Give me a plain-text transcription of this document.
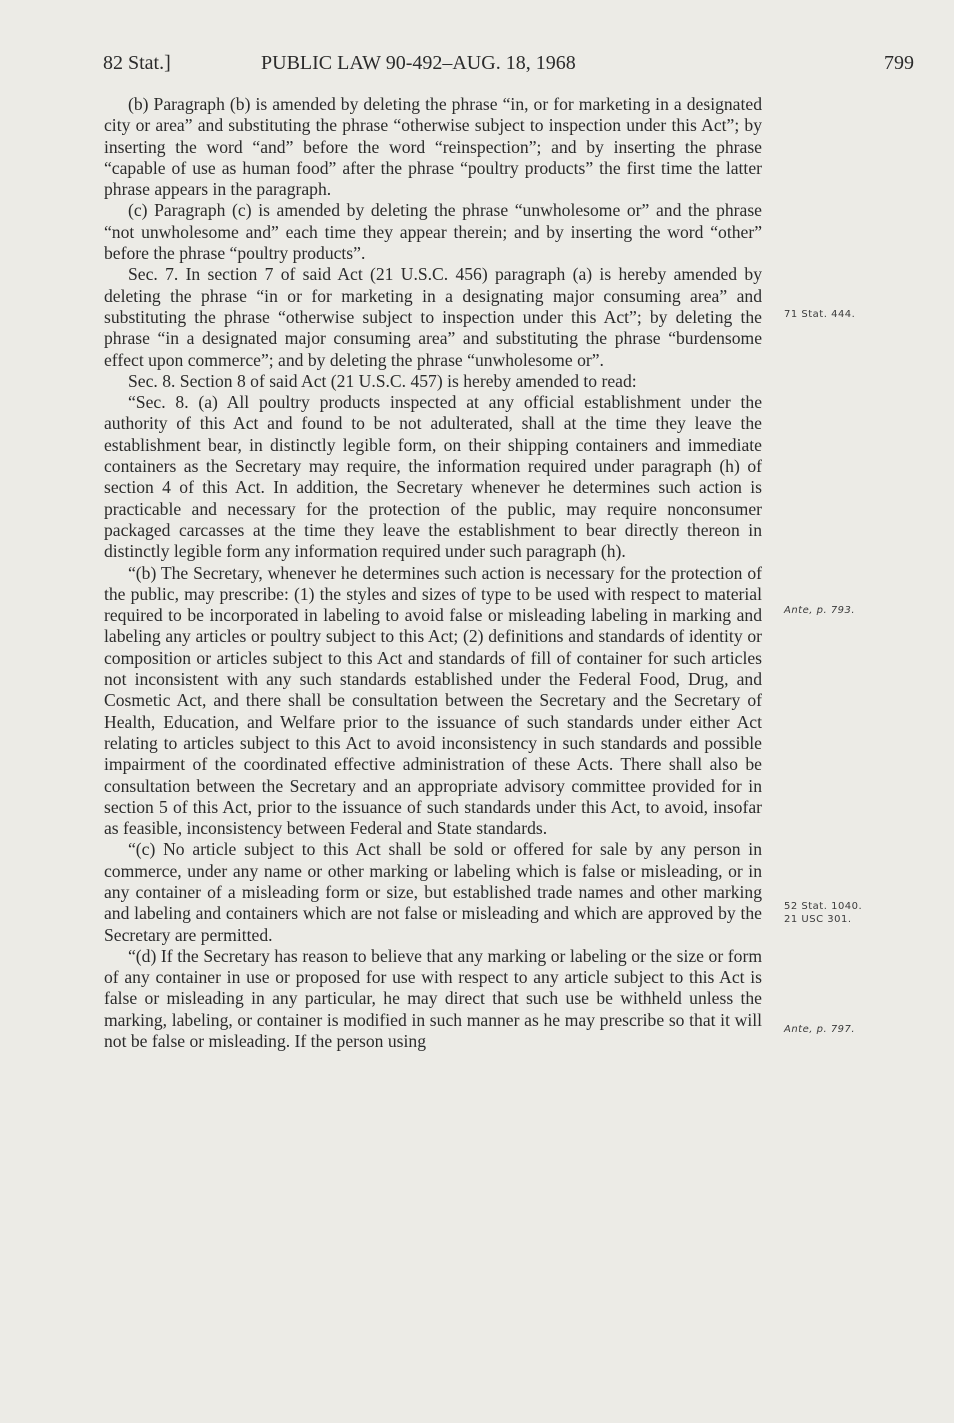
82 Stat.]	PUBLIC LAW 90-492–AUG. 18, 1968	799

(b) Paragraph (b) is amended by deleting the phrase “in, or for marketing in a designated city or area” and substituting the phrase “otherwise subject to inspection under this Act”; by inserting the word “and” before the word “reinspection”; and by inserting the phrase “capable of use as human food” after the phrase “poultry products” the first time the latter phrase appears in the paragraph.

(c) Paragraph (c) is amended by deleting the phrase “unwholesome or” and the phrase “not unwholesome and” each time they appear therein; and by inserting the word “other” before the phrase “poultry products”.

Sec. 7. In section 7 of said Act (21 U.S.C. 456) paragraph (a) is hereby amended by deleting the phrase “in or for marketing in a designating major consuming area” and substituting the phrase “otherwise subject to inspection under this Act”; by deleting the phrase “in a designated major consuming area” and substituting the phrase “burdensome effect upon commerce”; and by deleting the phrase “unwholesome or”.

Sec. 8. Section 8 of said Act (21 U.S.C. 457) is hereby amended to read:

“Sec. 8. (a) All poultry products inspected at any official establishment under the authority of this Act and found to be not adulterated, shall at the time they leave the establishment bear, in distinctly legible form, on their shipping containers and immediate containers as the Secretary may require, the information required under paragraph (h) of section 4 of this Act. In addition, the Secretary whenever he determines such action is practicable and necessary for the protection of the public, may require nonconsumer packaged carcasses at the time they leave the establishment to bear directly thereon in distinctly legible form any information required under such paragraph (h).

“(b) The Secretary, whenever he determines such action is necessary for the protection of the public, may prescribe: (1) the styles and sizes of type to be used with respect to material required to be incorporated in labeling to avoid false or misleading labeling in marking and labeling any articles or poultry subject to this Act; (2) definitions and standards of identity or composition or articles subject to this Act and standards of fill of container for such articles not inconsistent with any such standards established under the Federal Food, Drug, and Cosmetic Act, and there shall be consultation between the Secretary and the Secretary of Health, Education, and Welfare prior to the issuance of such standards under either Act relating to articles subject to this Act to avoid inconsistency in such standards and possible impairment of the coordinated effective administration of these Acts. There shall also be consultation between the Secretary and an appropriate advisory committee provided for in section 5 of this Act, prior to the issuance of such standards under this Act, to avoid, insofar as feasible, inconsistency between Federal and State standards.

“(c) No article subject to this Act shall be sold or offered for sale by any person in commerce, under any name or other marking or labeling which is false or misleading, or in any container of a misleading form or size, but established trade names and other marking and labeling and containers which are not false or misleading and which are approved by the Secretary are permitted.

“(d) If the Secretary has reason to believe that any marking or labeling or the size or form of any container in use or proposed for use with respect to any article subject to this Act is false or misleading in any particular, he may direct that such use be withheld unless the marking, labeling, or container is modified in such manner as he may prescribe so that it will not be false or misleading. If the person using

71 Stat. 444.
Ante, p. 793.
52 Stat. 1040.
21 USC 301.
Ante, p. 797.
